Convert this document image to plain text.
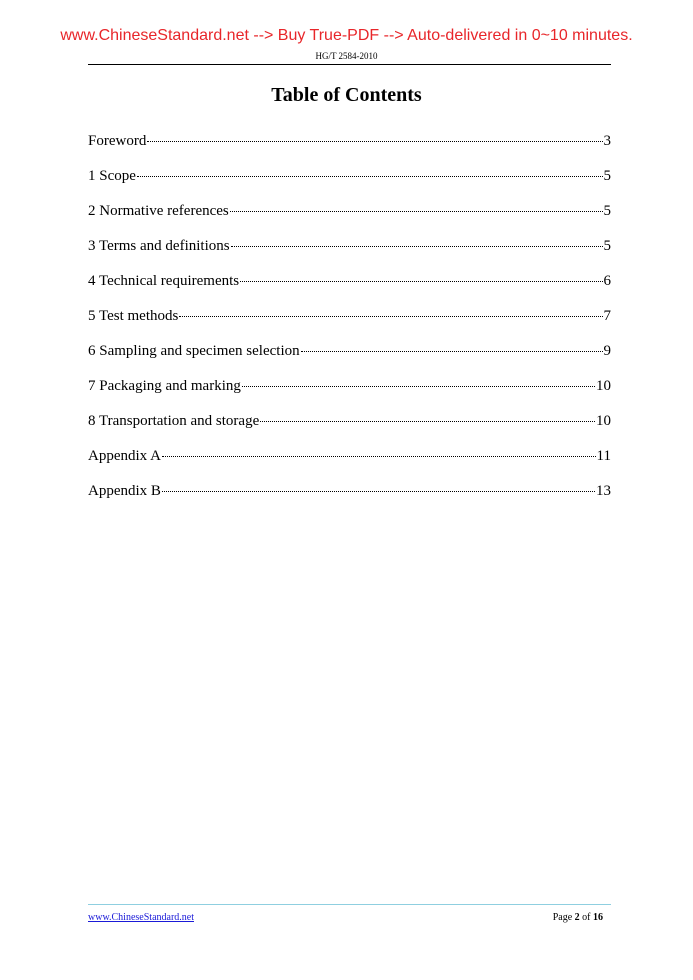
www.ChineseStandard.net --> Buy True-PDF --> Auto-delivered in 0~10 minutes.
HG/T 2584-2010
Table of Contents
Foreword	3
1 Scope	5
2 Normative references	5
3 Terms and definitions	5
4 Technical requirements	6
5 Test methods	7
6 Sampling and specimen selection	9
7 Packaging and marking	10
8 Transportation and storage	10
Appendix A	11
Appendix B	13
www.ChineseStandard.net	Page 2 of 16
